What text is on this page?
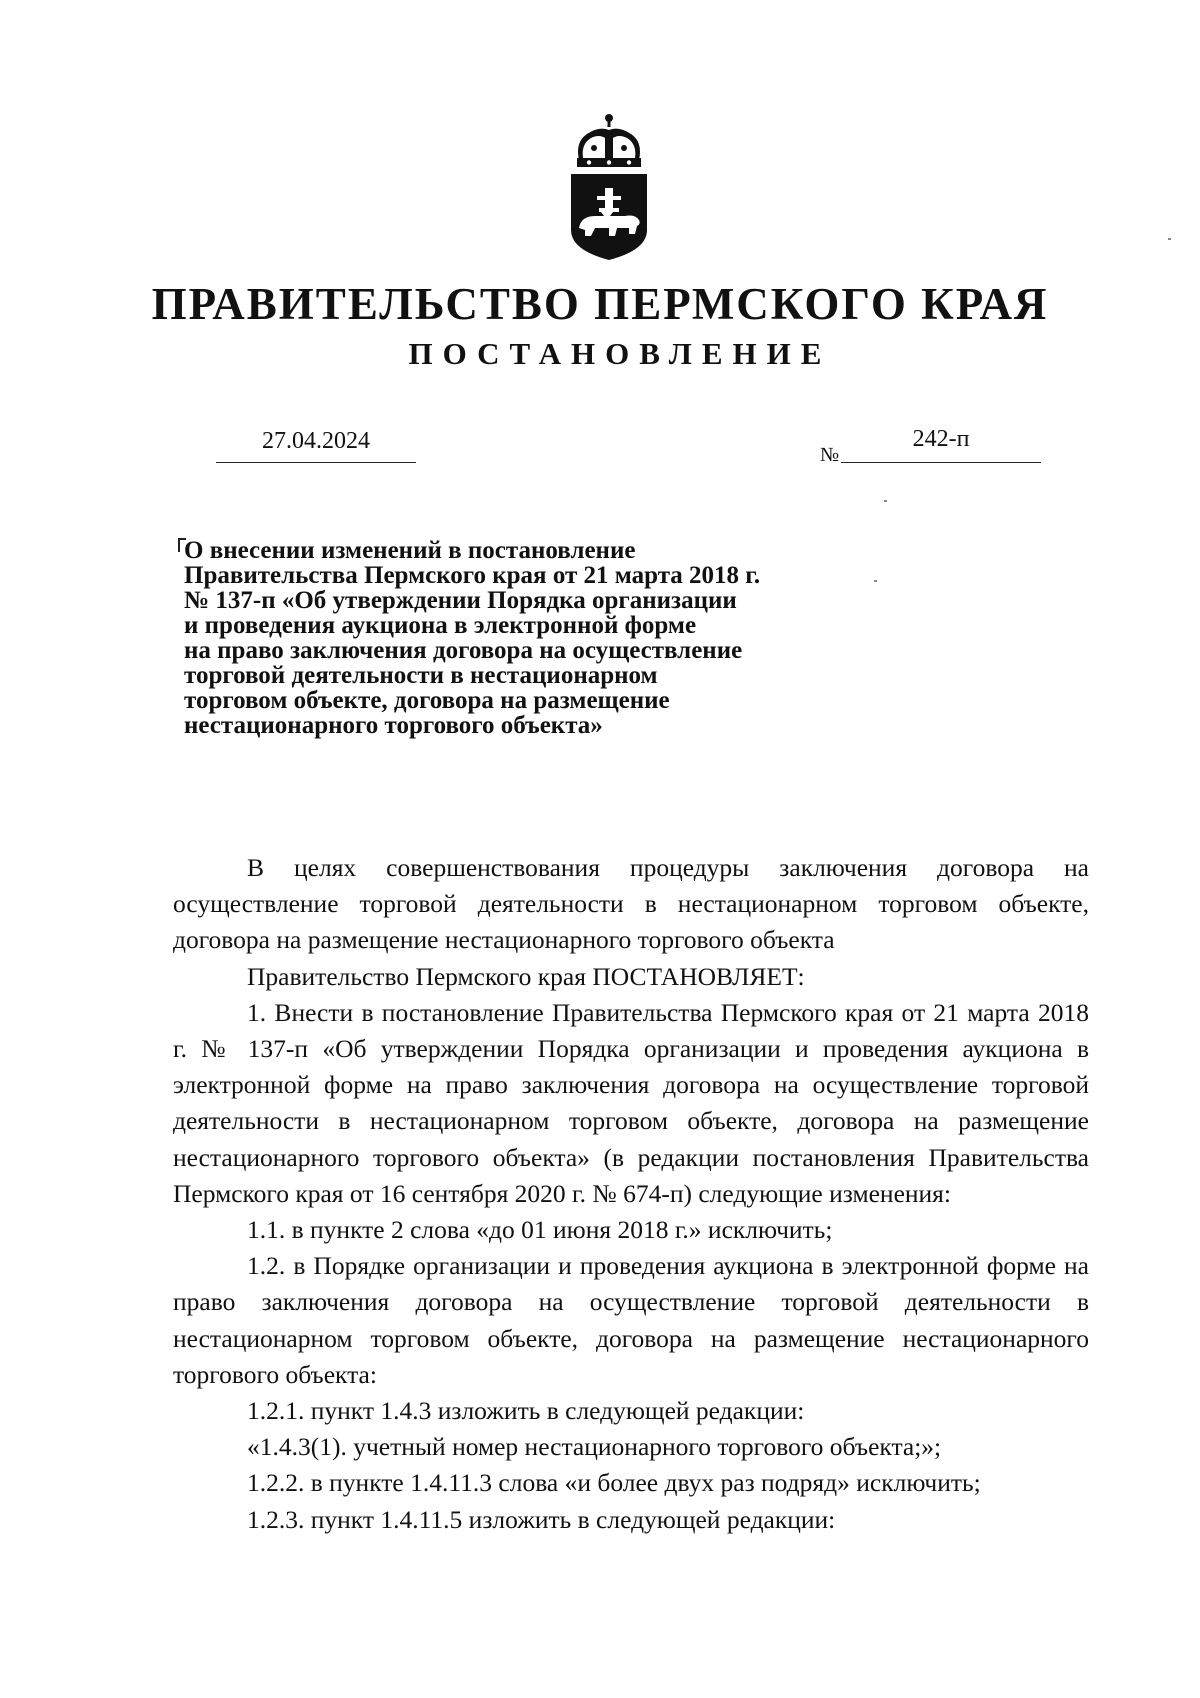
ПРАВИТЕЛЬСТВО ПЕРМСКОГО КРАЯ
ПОСТАНОВЛЕНИЕ
27.04.2024
№
242-п
О внесении изменений в постановление
Правительства Пермского края от 21 марта 2018 г.
№ 137-п «Об утверждении Порядка организации
и проведения аукциона в электронной форме
на право заключения договора на осуществление
торговой деятельности в нестационарном
торговом объекте, договора на размещение
нестационарного торгового объекта»

В целях совершенствования процедуры заключения договора на осуществление торговой деятельности в нестационарном торговом объекте, договора на размещение нестационарного торгового объекта

Правительство Пермского края ПОСТАНОВЛЯЕТ:

1. Внести в постановление Правительства Пермского края от 21 марта 2018 г. № 137-п «Об утверждении Порядка организации и проведения аукциона в электронной форме на право заключения договора на осуществление торговой деятельности в нестационарном торговом объекте, договора на размещение нестационарного торгового объекта» (в редакции постановления Правительства Пермского края от 16 сентября 2020 г. № 674-п) следующие изменения:

1.1. в пункте 2 слова «до 01 июня 2018 г.» исключить;

1.2. в Порядке организации и проведения аукциона в электронной форме на право заключения договора на осуществление торговой деятельности в нестационарном торговом объекте, договора на размещение нестационарного торгового объекта:

1.2.1. пункт 1.4.3 изложить в следующей редакции:

«1.4.3(1). учетный номер нестационарного торгового объекта;»;

1.2.2. в пункте 1.4.11.3 слова «и более двух раз подряд» исключить;

1.2.3. пункт 1.4.11.5 изложить в следующей редакции:
